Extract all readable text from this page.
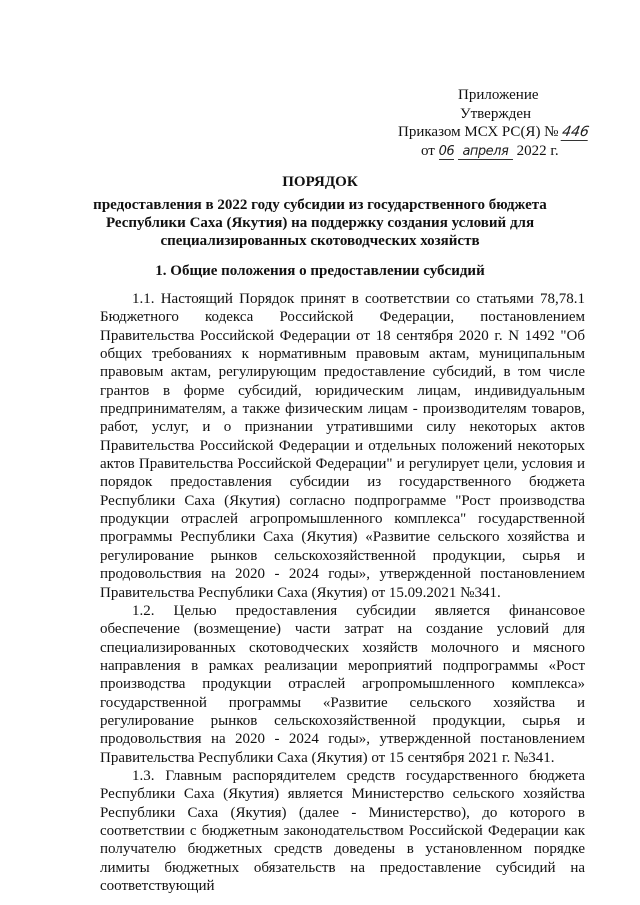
Приложение
Утвержден
Приказом МСХ РС(Я) № 446
от 06 апреля 2022 г.
ПОРЯДОК
предоставления в 2022 году субсидии из государственного бюджета
Республики Саха (Якутия) на поддержку создания условий для
специализированных скотоводческих хозяйств
1. Общие положения о предоставлении субсидий

1.1. Настоящий Порядок принят в соответствии со статьями 78,78.1 Бюджетного кодекса Российской Федерации, постановлением Правительства Российской Федерации от 18 сентября 2020 г. N 1492 "Об общих требованиях к нормативным правовым актам, муниципальным правовым актам, регулирующим предоставление субсидий, в том числе грантов в форме субсидий, юридическим лицам, индивидуальным предпринимателям, а также физическим лицам - производителям товаров, работ, услуг, и о признании утратившими силу некоторых актов Правительства Российской Федерации и отдельных положений некоторых актов Правительства Российской Федерации" и регулирует цели, условия и порядок предоставления субсидии из государственного бюджета Республики Саха (Якутия) согласно подпрограмме "Рост производства продукции отраслей агропромышленного комплекса" государственной программы Республики Саха (Якутия) «Развитие сельского хозяйства и регулирование рынков сельскохозяйственной продукции, сырья и продовольствия на 2020 - 2024 годы», утвержденной постановлением Правительства Республики Саха (Якутия) от 15.09.2021 №341.

1.2. Целью предоставления субсидии является финансовое обеспечение (возмещение) части затрат на создание условий для специализированных скотоводческих хозяйств молочного и мясного направления в рамках реализации мероприятий подпрограммы «Рост производства продукции отраслей агропромышленного комплекса» государственной программы «Развитие сельского хозяйства и регулирование рынков сельскохозяйственной продукции, сырья и продовольствия на 2020 - 2024 годы», утвержденной постановлением Правительства Республики Саха (Якутия) от 15 сентября 2021 г. №341.

1.3. Главным распорядителем средств государственного бюджета Республики Саха (Якутия) является Министерство сельского хозяйства Республики Саха (Якутия) (далее - Министерство), до которого в соответствии с бюджетным законодательством Российской Федерации как получателю бюджетных средств доведены в установленном порядке лимиты бюджетных обязательств на предоставление субсидий на соответствующий
